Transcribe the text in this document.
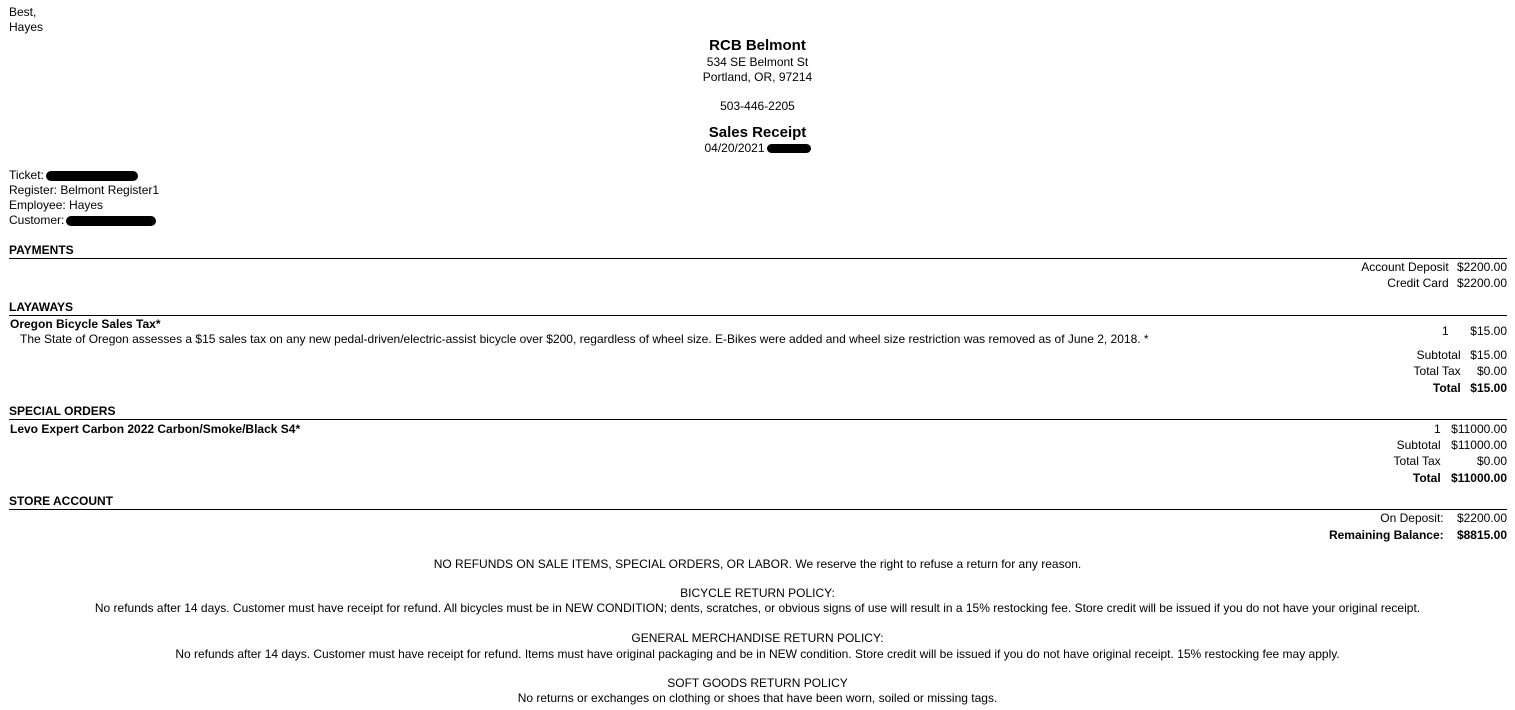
Best,
Hayes
RCB Belmont
534 SE Belmont St
Portland, OR, 97214
503-446-2205
Sales Receipt
04/20/2021
Ticket:
Register: Belmont Register1
Employee: Hayes
Customer:
PAYMENTS
Account Deposit $2200.00
Credit Card $2200.00
LAYAWAYS
Oregon Bicycle Sales Tax*
The State of Oregon assesses a $15 sales tax on any new pedal-driven/electric-assist bicycle over $200, regardless of wheel size. E-Bikes were added and wheel size restriction was removed as of June 2, 2018. *
1 $15.00
Subtotal $15.00
Total Tax $0.00
Total $15.00
SPECIAL ORDERS
Levo Expert Carbon 2022 Carbon/Smoke/Black S4*	1 $11000.00
Subtotal $11000.00
Total Tax	$0.00
Total $11000.00
STORE ACCOUNT
On Deposit: $2200.00
Remaining Balance: $8815.00
NO REFUNDS ON SALE ITEMS, SPECIAL ORDERS, OR LABOR. We reserve the right to refuse a return for any reason.
BICYCLE RETURN POLICY:
No refunds after 14 days. Customer must have receipt for refund. All bicycles must be in NEW CONDITION; dents, scratches, or obvious signs of use will result in a 15% restocking fee. Store credit will be issued if you do not have your original receipt.
GENERAL MERCHANDISE RETURN POLICY:
No refunds after 14 days. Customer must have receipt for refund. Items must have original packaging and be in NEW condition. Store credit will be issued if you do not have original receipt. 15% restocking fee may apply.
SOFT GOODS RETURN POLICY
No returns or exchanges on clothing or shoes that have been worn, soiled or missing tags.
